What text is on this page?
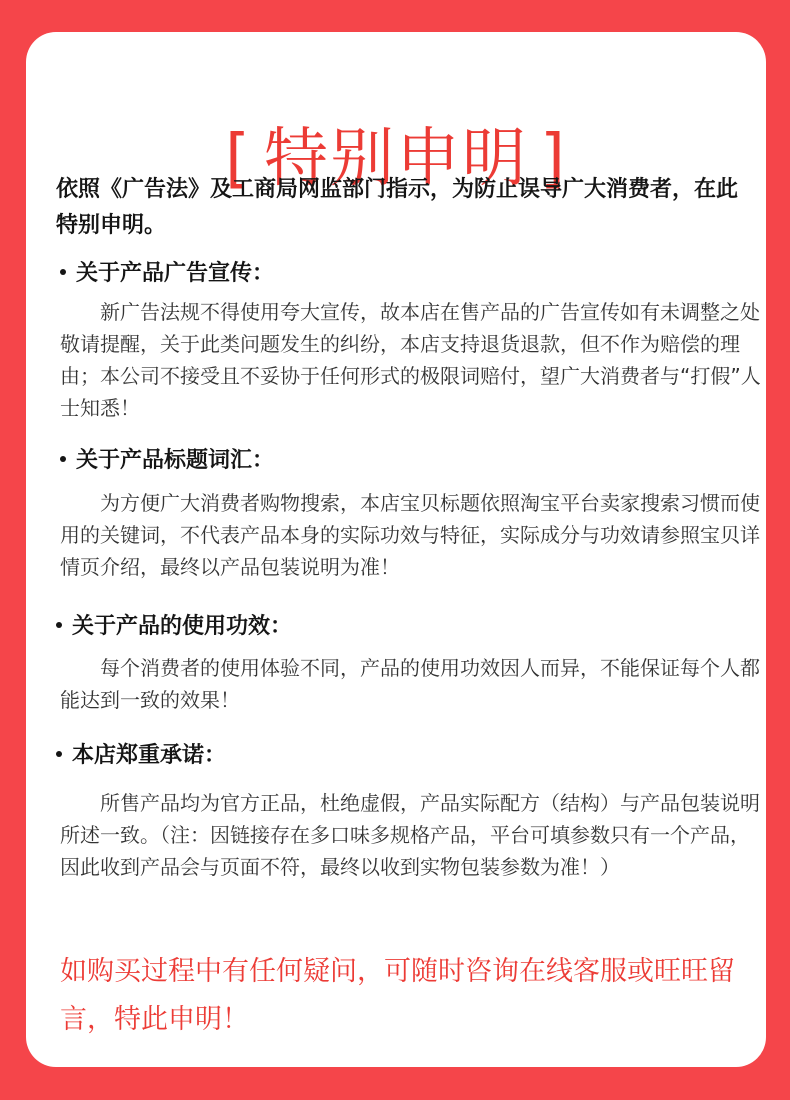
[ 特别申明 ]

依照《广告法》及工商局网监部门指示，为防止误导广大消费者，在此特别申明。

关于产品广告宣传：

新广告法规不得使用夸大宣传，故本店在售产品的广告宣传如有未调整之处敬请提醒，关于此类问题发生的纠纷，本店支持退货退款，但不作为赔偿的理由；本公司不接受且不妥协于任何形式的极限词赔付，望广大消费者与“打假”人士知悉！

关于产品标题词汇：

为方便广大消费者购物搜索，本店宝贝标题依照淘宝平台卖家搜索习惯而使用的关键词，不代表产品本身的实际功效与特征，实际成分与功效请参照宝贝详情页介绍，最终以产品包装说明为准！

关于产品的使用功效：

每个消费者的使用体验不同，产品的使用功效因人而异，不能保证每个人都能达到一致的效果！

本店郑重承诺：

所售产品均为官方正品，杜绝虚假，产品实际配方（结构）与产品包装说明所述一致。（注：因链接存在多口味多规格产品，平台可填参数只有一个产品，因此收到产品会与页面不符，最终以收到实物包装参数为准！）

如购买过程中有任何疑问，可随时咨询在线客服或旺旺留言，特此申明！
